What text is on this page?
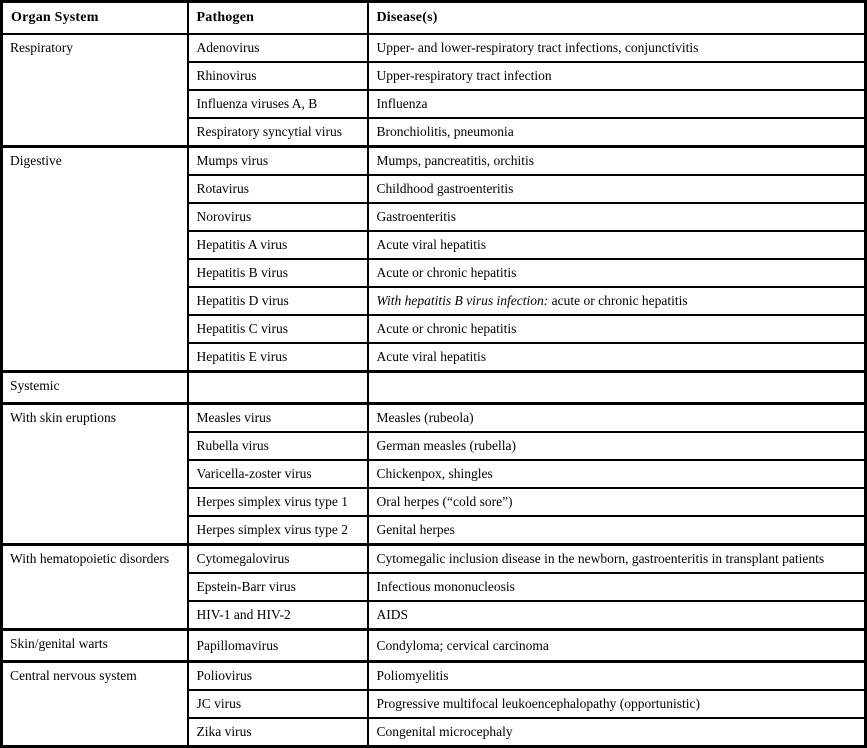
Organ System	Pathogen	Disease(s)
Respiratory	Adenovirus	Upper- and lower-respiratory tract infections, conjunctivitis
	Rhinovirus	Upper-respiratory tract infection
	Influenza viruses A, B	Influenza
	Respiratory syncytial virus	Bronchiolitis, pneumonia
Digestive	Mumps virus	Mumps, pancreatitis, orchitis
	Rotavirus	Childhood gastroenteritis
	Norovirus	Gastroenteritis
	Hepatitis A virus	Acute viral hepatitis
	Hepatitis B virus	Acute or chronic hepatitis
	Hepatitis D virus	With hepatitis B virus infection: acute or chronic hepatitis
	Hepatitis C virus	Acute or chronic hepatitis
	Hepatitis E virus	Acute viral hepatitis
Systemic		
With skin eruptions	Measles virus	Measles (rubeola)
	Rubella virus	German measles (rubella)
	Varicella-zoster virus	Chickenpox, shingles
	Herpes simplex virus type 1	Oral herpes (“cold sore”)
	Herpes simplex virus type 2	Genital herpes
With hematopoietic disorders	Cytomegalovirus	Cytomegalic inclusion disease in the newborn, gastroenteritis in transplant patients
	Epstein-Barr virus	Infectious mononucleosis
	HIV-1 and HIV-2	AIDS
Skin/genital warts	Papillomavirus	Condyloma; cervical carcinoma
Central nervous system	Poliovirus	Poliomyelitis
	JC virus	Progressive multifocal leukoencephalopathy (opportunistic)
	Zika virus	Congenital microcephaly
